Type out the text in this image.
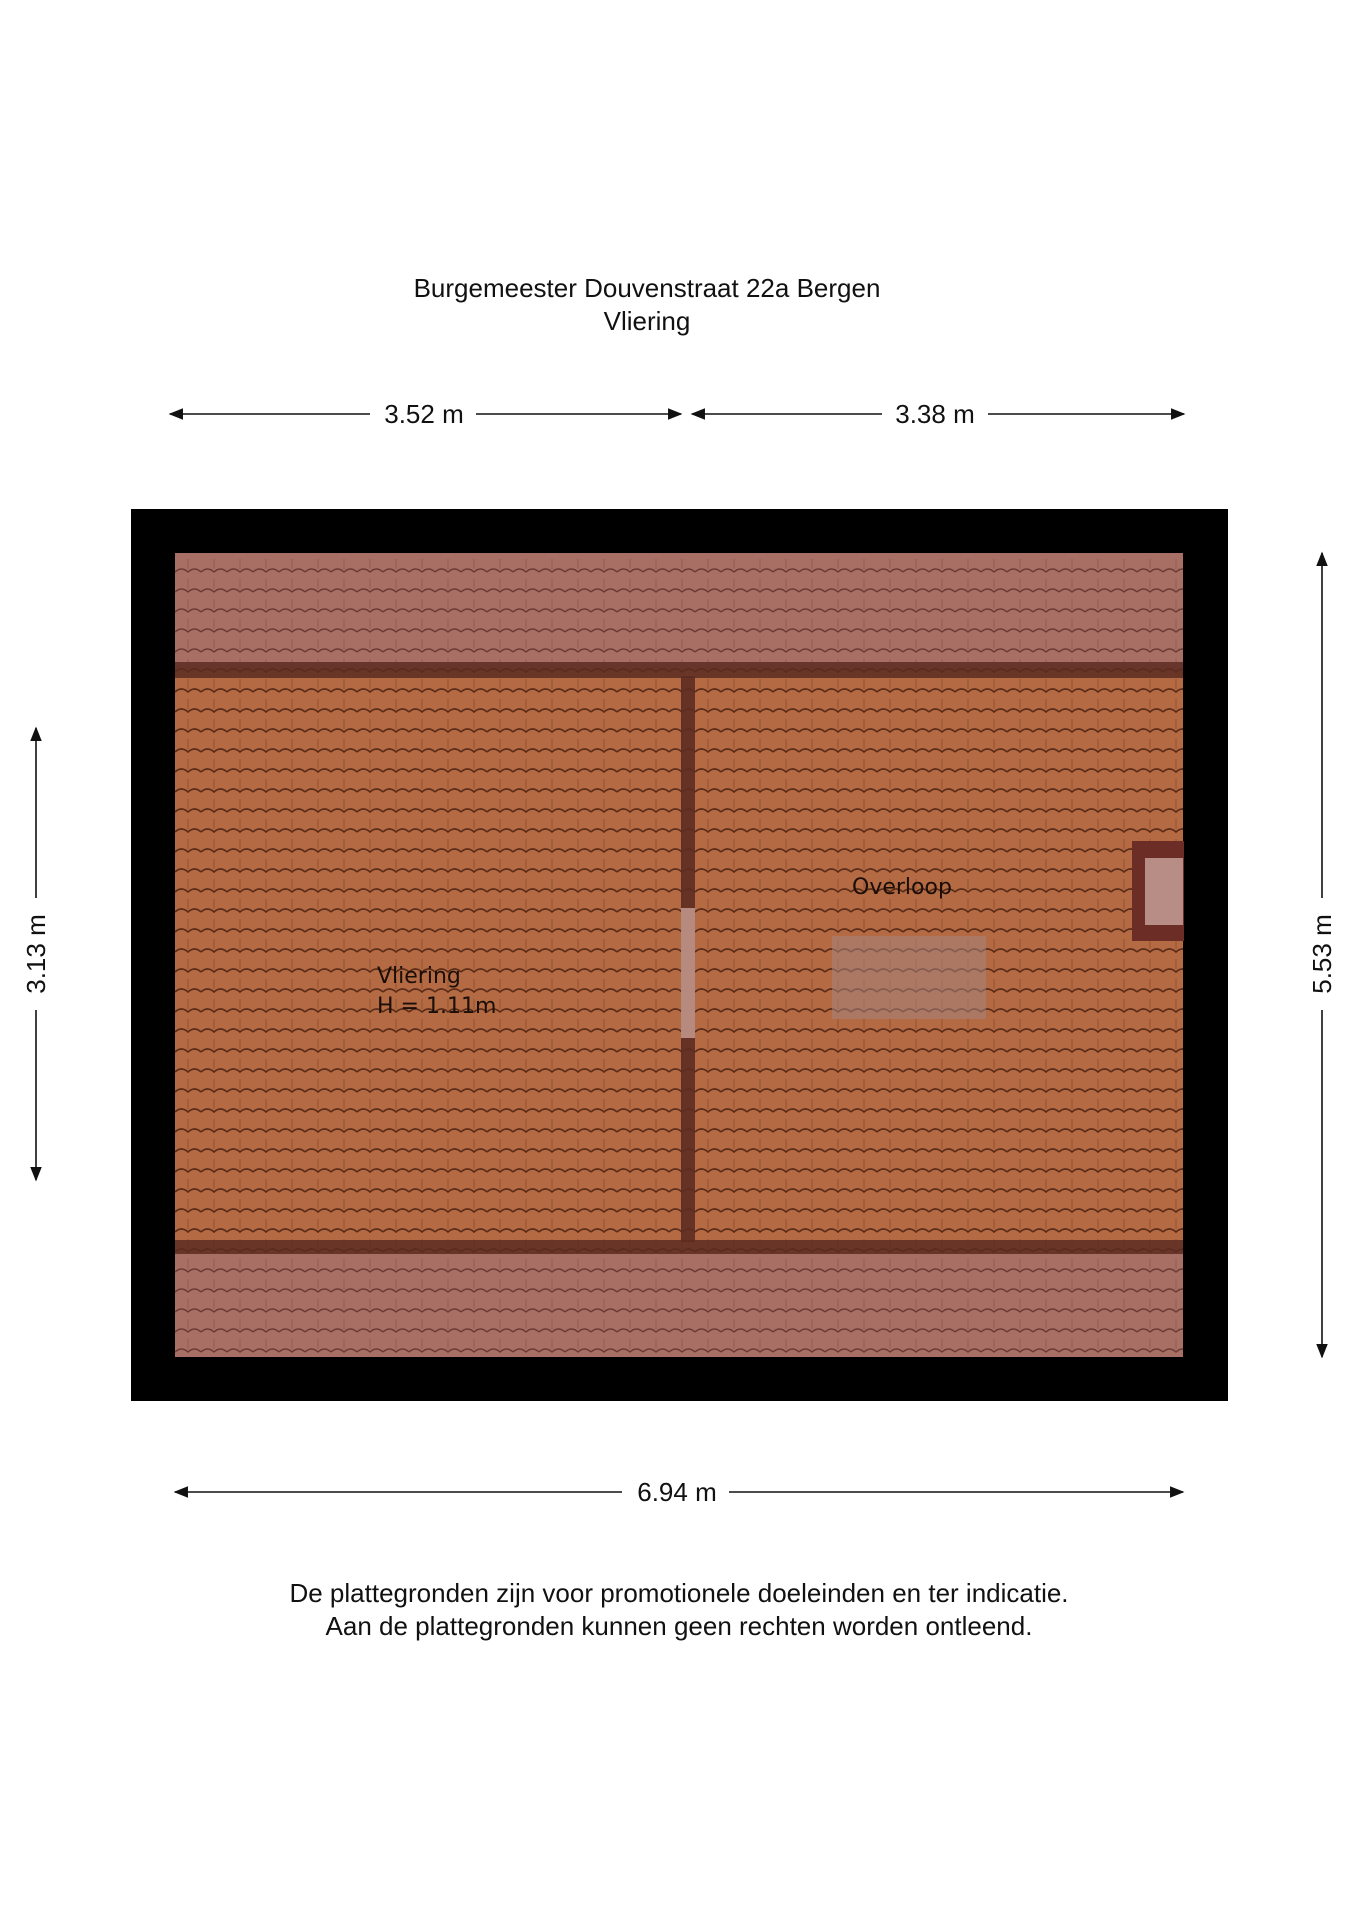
Burgemeester Douvenstraat 22a Bergen
Vliering
Vliering
H = 1.11m
Overloop
3.52 m	3.38 m
6.94 m
3.13 m	5.53 m
De plattegronden zijn voor promotionele doeleinden en ter indicatie.
Aan de plattegronden kunnen geen rechten worden ontleend.
